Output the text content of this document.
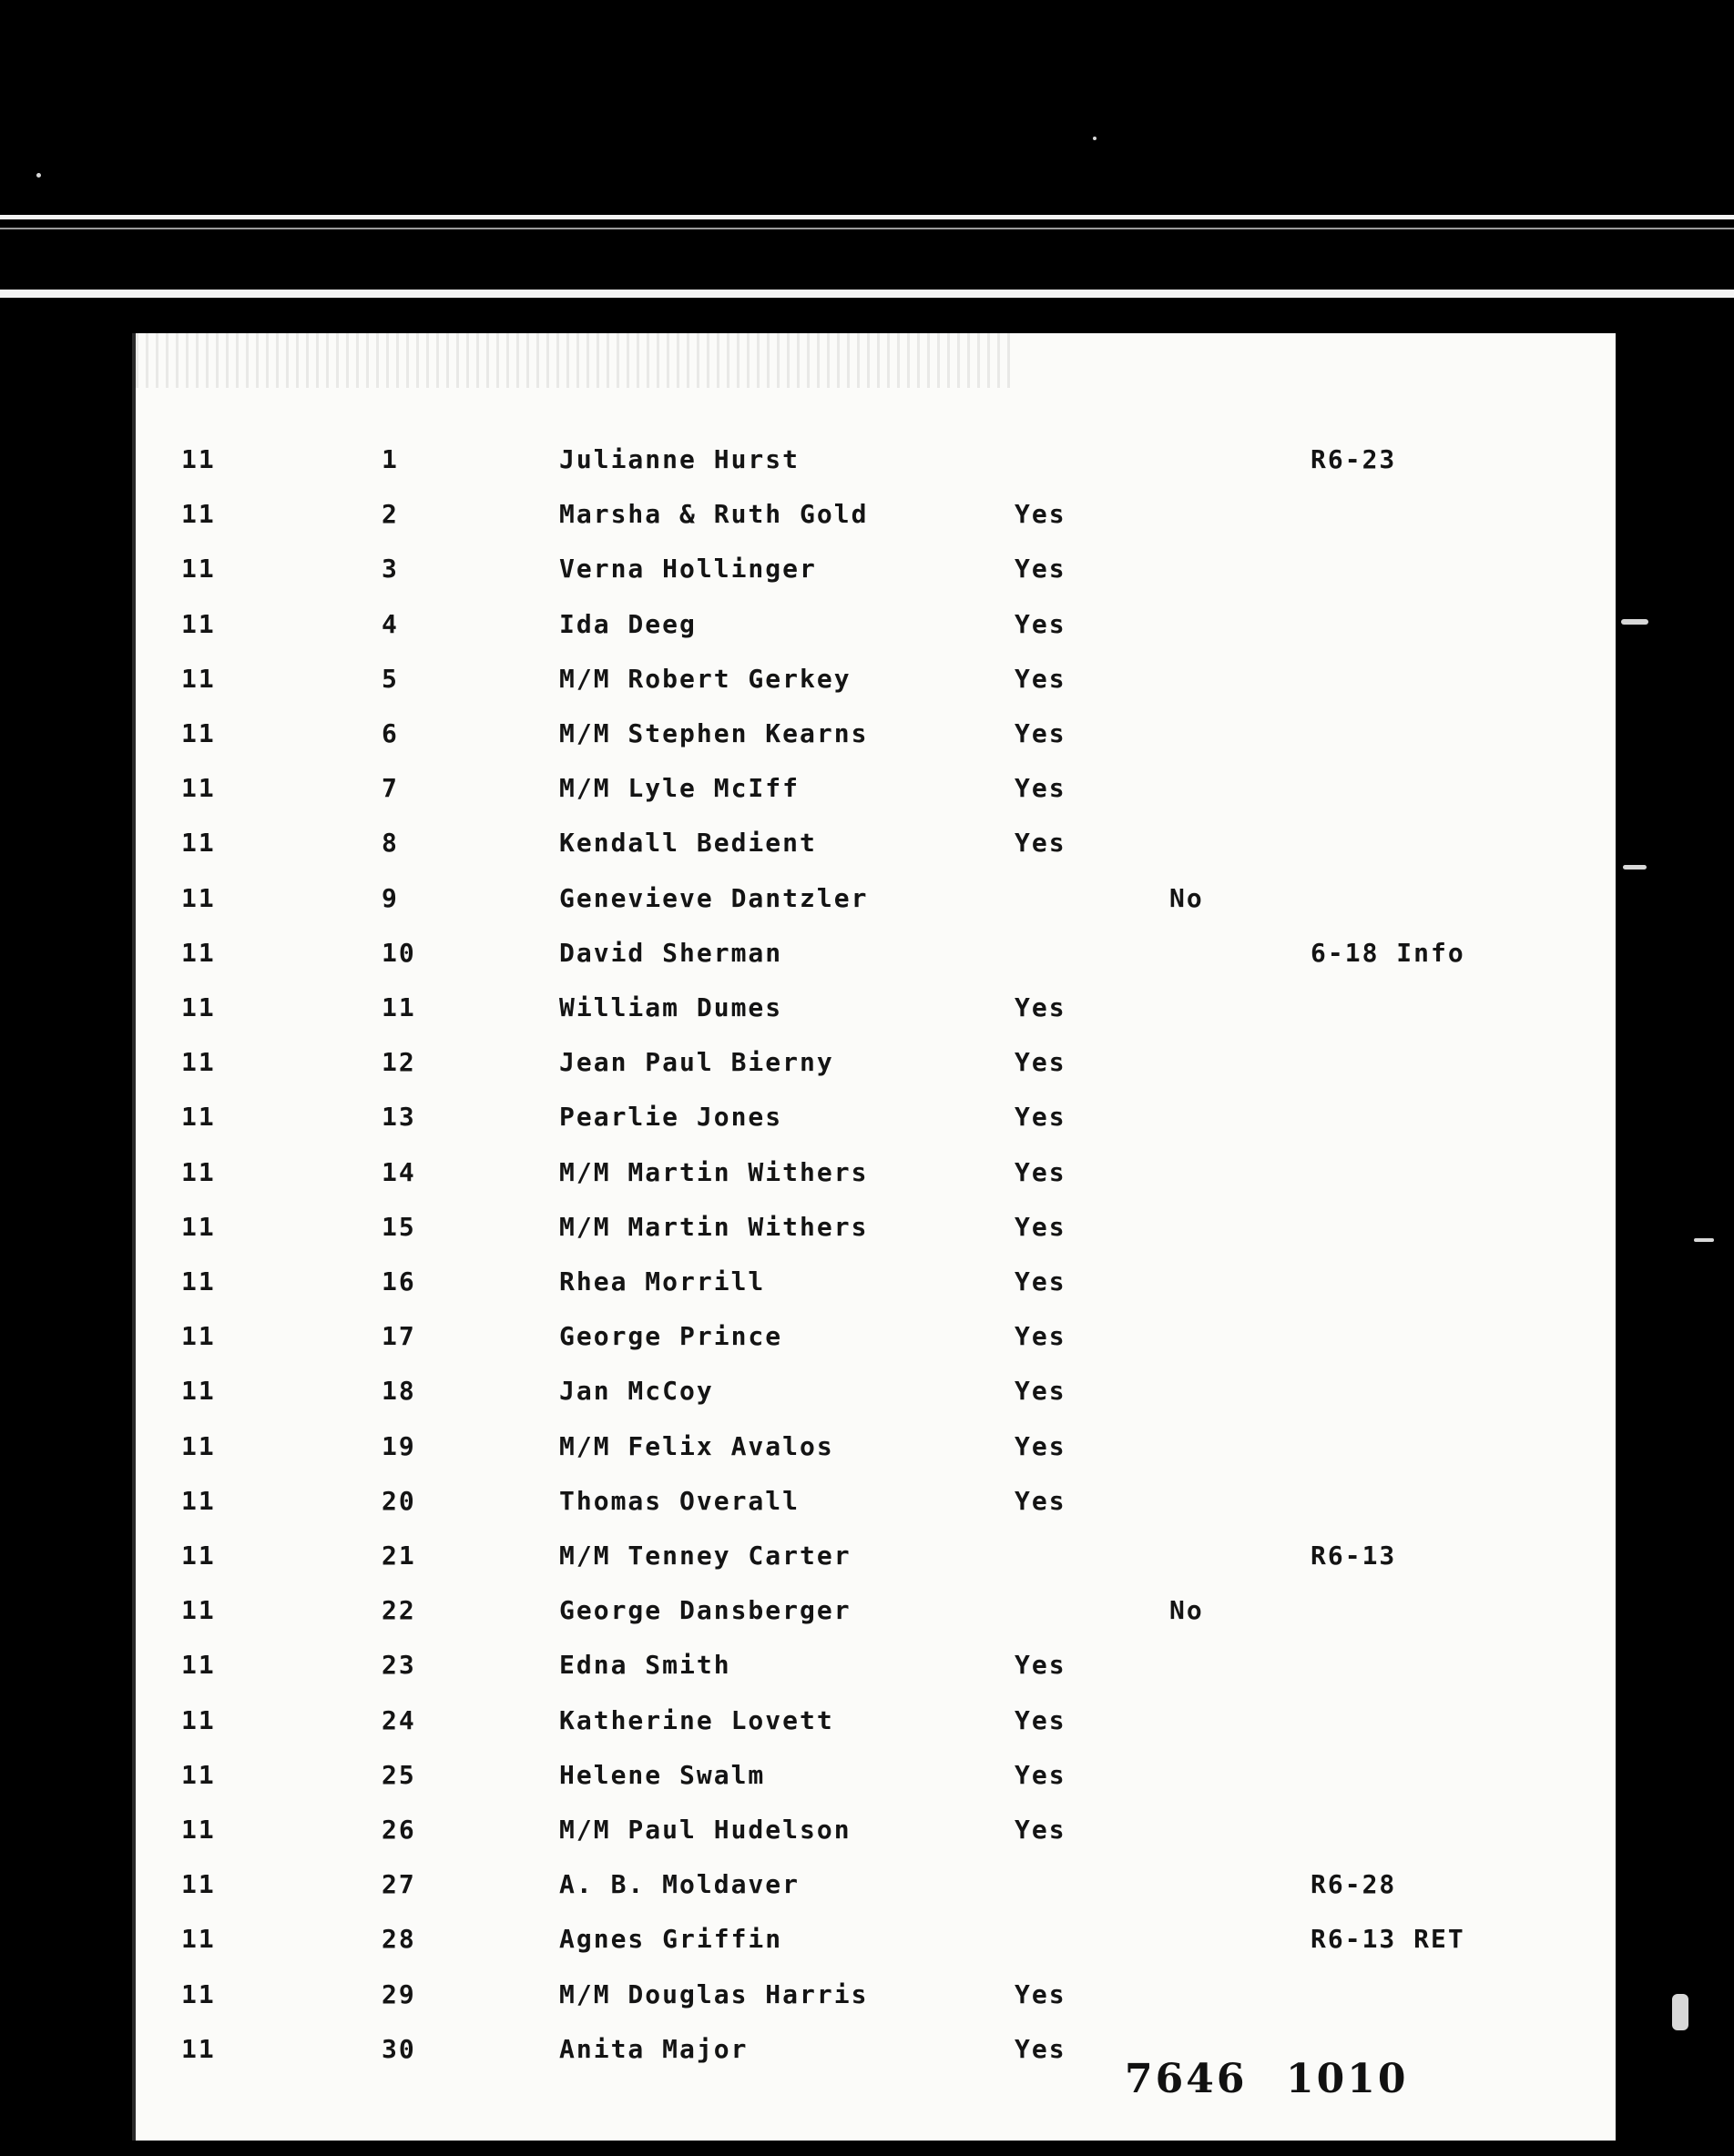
11	1	Julianne Hurst	R6-23
11	2	Marsha & Ruth Gold	Yes
11	3	Verna Hollinger	Yes
11	4	Ida Deeg	Yes
11	5	M/M Robert Gerkey	Yes
11	6	M/M Stephen Kearns	Yes
11	7	M/M Lyle McIff	Yes
11	8	Kendall Bedient	Yes
11	9	Genevieve Dantzler	No
11	10	David Sherman	6-18 Info
11	11	William Dumes	Yes
11	12	Jean Paul Bierny	Yes
11	13	Pearlie Jones	Yes
11	14	M/M Martin Withers	Yes
11	15	M/M Martin Withers	Yes
11	16	Rhea Morrill	Yes
11	17	George Prince	Yes
11	18	Jan McCoy	Yes
11	19	M/M Felix Avalos	Yes
11	20	Thomas Overall	Yes
11	21	M/M Tenney Carter	R6-13
11	22	George Dansberger	No
11	23	Edna Smith	Yes
11	24	Katherine Lovett	Yes
11	25	Helene Swalm	Yes
11	26	M/M Paul Hudelson	Yes
11	27	A. B. Moldaver	R6-28
11	28	Agnes Griffin	R6-13 RET
11	29	M/M Douglas Harris	Yes
11	30	Anita Major	Yes
7646 1010
